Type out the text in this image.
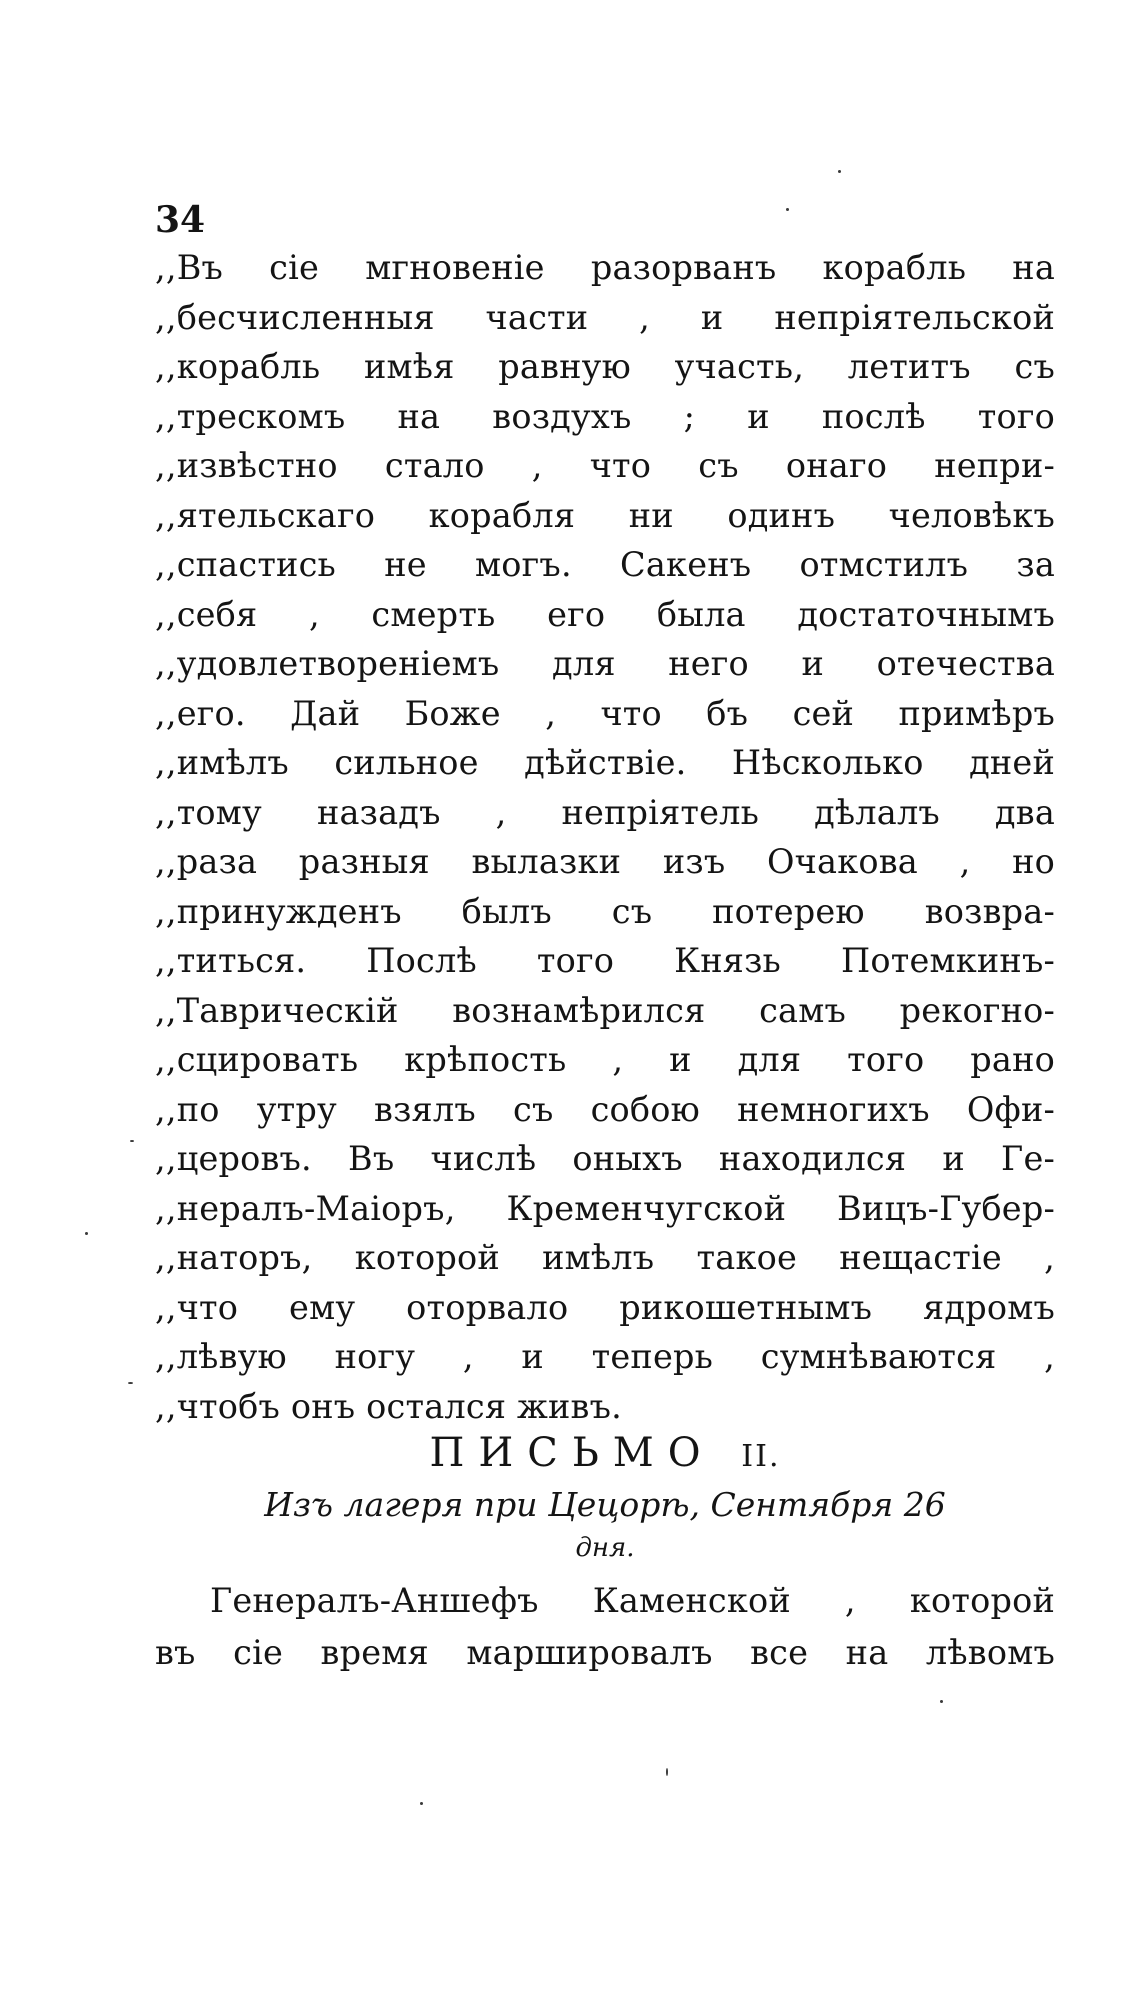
34
,,Въ сіе мгновеніе разорванъ корабль на
,,бесчисленныя части , и непріятельской
,,корабль имѣя равную участь, летитъ съ
,,трескомъ на воздухъ ; и послѣ того
,,извѣстно стало , что съ онаго непри-
,,ятельскаго корабля ни одинъ человѣкъ
,,спастись не могъ. Сакенъ отмстилъ за
,,себя , смерть его была достаточнымъ
,,удовлетвореніемъ для него и отечества
,,его. Дай Боже , что бъ сей примѣръ
,,имѣлъ сильное дѣйствіе. Нѣсколько дней
,,тому назадъ , непріятель дѣлалъ два
,,раза разныя вылазки изъ Очакова , но
,,принужденъ былъ съ потерею возвра-
,,титься. Послѣ того Князь Потемкинъ-
,,Таврическій вознамѣрился самъ рекогно-
,,сцировать крѣпость , и для того рано
,,по утру взялъ съ собою немногихъ Офи-
,,церовъ. Въ числѣ оныхъ находился и Ге-
,,нералъ-Маіоръ, Кременчугской Вицъ-Губер-
,,наторъ, которой имѣлъ такое нещастіе ,
,,что ему оторвало рикошетнымъ ядромъ
,,лѣвую ногу , и теперь сумнѣваются ,
,,чтобъ онъ остался живъ.
ПИСЬМО II.
Изъ лагеря при Цецорѣ, Сентября 26
дня.
Генералъ-Аншефъ Каменской , которой
въ сіе время маршировалъ все на лѣвомъ
